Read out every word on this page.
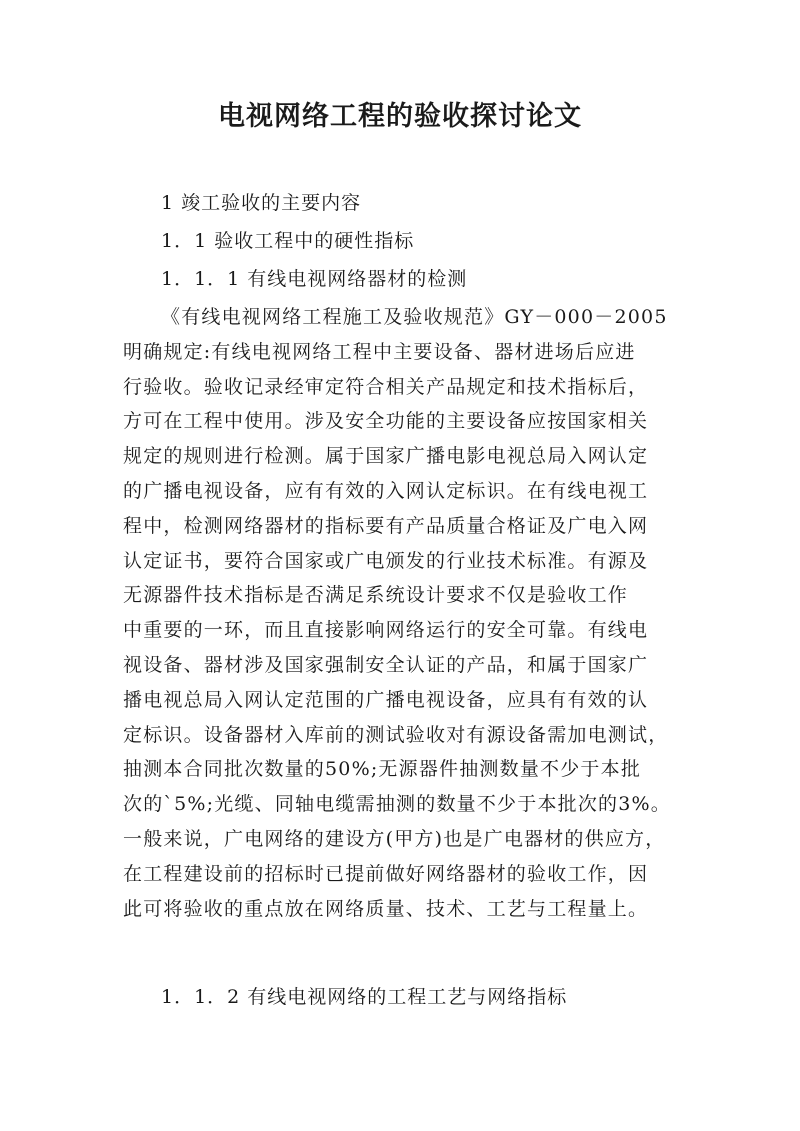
电视网络工程的验收探讨论文

1 竣工验收的主要内容

1．1 验收工程中的硬性指标

1．1．1 有线电视网络器材的检测

《有线电视网络工程施工及验收规范》GY－000－2005
明确规定:有线电视网络工程中主要设备、器材进场后应进
行验收。验收记录经审定符合相关产品规定和技术指标后，
方可在工程中使用。涉及安全功能的主要设备应按国家相关
规定的规则进行检测。属于国家广播电影电视总局入网认定
的广播电视设备，应有有效的入网认定标识。在有线电视工
程中，检测网络器材的指标要有产品质量合格证及广电入网
认定证书，要符合国家或广电颁发的行业技术标准。有源及
无源器件技术指标是否满足系统设计要求不仅是验收工作
中重要的一环，而且直接影响网络运行的安全可靠。有线电
视设备、器材涉及国家强制安全认证的产品，和属于国家广
播电视总局入网认定范围的广播电视设备，应具有有效的认
定标识。设备器材入库前的测试验收对有源设备需加电测试，
抽测本合同批次数量的50%;无源器件抽测数量不少于本批
次的`5%;光缆、同轴电缆需抽测的数量不少于本批次的3%。
一般来说，广电网络的建设方(甲方)也是广电器材的供应方，
在工程建设前的招标时已提前做好网络器材的验收工作，因
此可将验收的重点放在网络质量、技术、工艺与工程量上。

1．1．2 有线电视网络的工程工艺与网络指标
